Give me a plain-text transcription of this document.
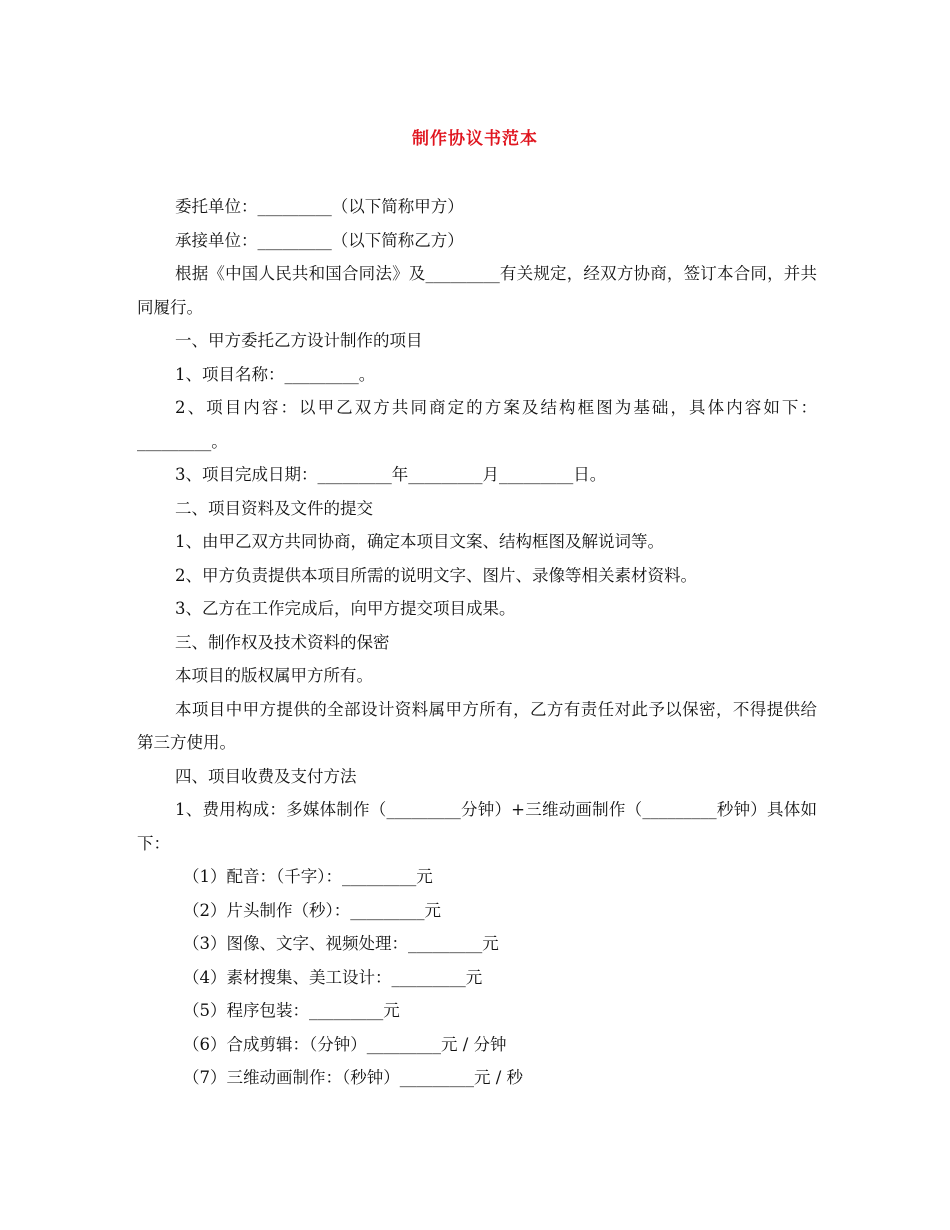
制作协议书范本

委托单位：_________（以下简称甲方）

承接单位：_________（以下简称乙方）

根据《中国人民共和国合同法》及_________有关规定，经双方协商，签订本合同，并共同履行。

一、甲方委托乙方设计制作的项目

1、项目名称：_________。

2、项目内容：以甲乙双方共同商定的方案及结构框图为基础，具体内容如下：_________。

3、项目完成日期：_________年_________月_________日。

二、项目资料及文件的提交

1、由甲乙双方共同协商，确定本项目文案、结构框图及解说词等。

2、甲方负责提供本项目所需的说明文字、图片、录像等相关素材资料。

3、乙方在工作完成后，向甲方提交项目成果。

三、制作权及技术资料的保密

本项目的版权属甲方所有。

本项目中甲方提供的全部设计资料属甲方所有，乙方有责任对此予以保密，不得提供给第三方使用。

四、项目收费及支付方法

1、费用构成：多媒体制作（_________分钟）+三维动画制作（_________秒钟）具体如下：

（1）配音：（千字）：_________元

（2）片头制作（秒）：_________元

（3）图像、文字、视频处理：_________元

（4）素材搜集、美工设计：_________元

（5）程序包装：_________元

（6）合成剪辑：（分钟）_________元 / 分钟

（7）三维动画制作：（秒钟）_________元 / 秒
